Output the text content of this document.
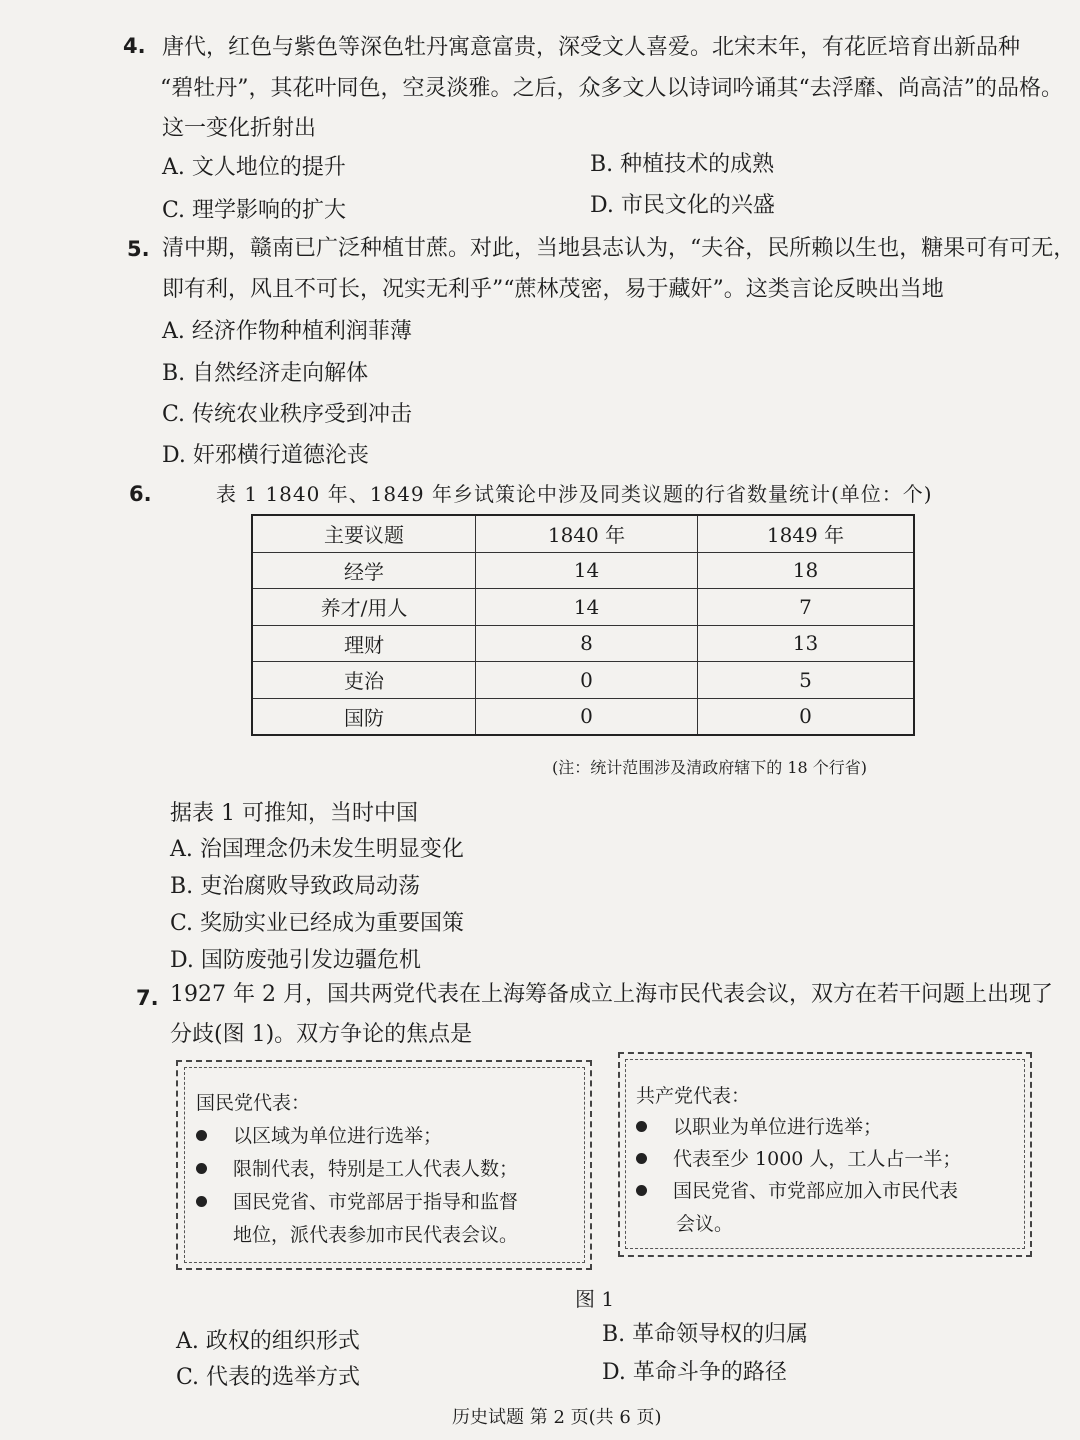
4. 唐代，红色与紫色等深色牡丹寓意富贵，深受文人喜爱。北宋末年，有花匠培育出新品种
“碧牡丹”，其花叶同色，空灵淡雅。之后，众多文人以诗词吟诵其“去浮靡、尚高洁”的品格。
这一变化折射出
A. 文人地位的提升	B. 种植技术的成熟
C. 理学影响的扩大	D. 市民文化的兴盛
5. 清中期，赣南已广泛种植甘蔗。对此，当地县志认为，“夫谷，民所赖以生也，糖果可有可无，
即有利，风且不可长，况实无利乎”“蔗林茂密，易于藏奸”。这类言论反映出当地
A. 经济作物种植利润菲薄
B. 自然经济走向解体
C. 传统农业秩序受到冲击
D. 奸邪横行道德沦丧
6.	表 1 1840 年、1849 年乡试策论中涉及同类议题的行省数量统计(单位：个)
主要议题	1840 年	1849 年
经学	14	18
养才/用人	14	7
理财	8	13
吏治	0	5
国防	0	0
(注：统计范围涉及清政府辖下的 18 个行省)
据表 1 可推知，当时中国
A. 治国理念仍未发生明显变化
B. 吏治腐败导致政局动荡
C. 奖励实业已经成为重要国策
D. 国防废弛引发边疆危机
7. 1927 年 2 月，国共两党代表在上海筹备成立上海市民代表会议，双方在若干问题上出现了
分歧(图 1)。双方争论的焦点是
国民党代表：
以区域为单位进行选举；
限制代表，特别是工人代表人数；
国民党省、市党部居于指导和监督
地位，派代表参加市民代表会议。
共产党代表：
以职业为单位进行选举；
代表至少 1000 人，工人占一半；
国民党省、市党部应加入市民代表
会议。
图 1
A. 政权的组织形式	B. 革命领导权的归属
C. 代表的选举方式	D. 革命斗争的路径
历史试题 第 2 页(共 6 页)
